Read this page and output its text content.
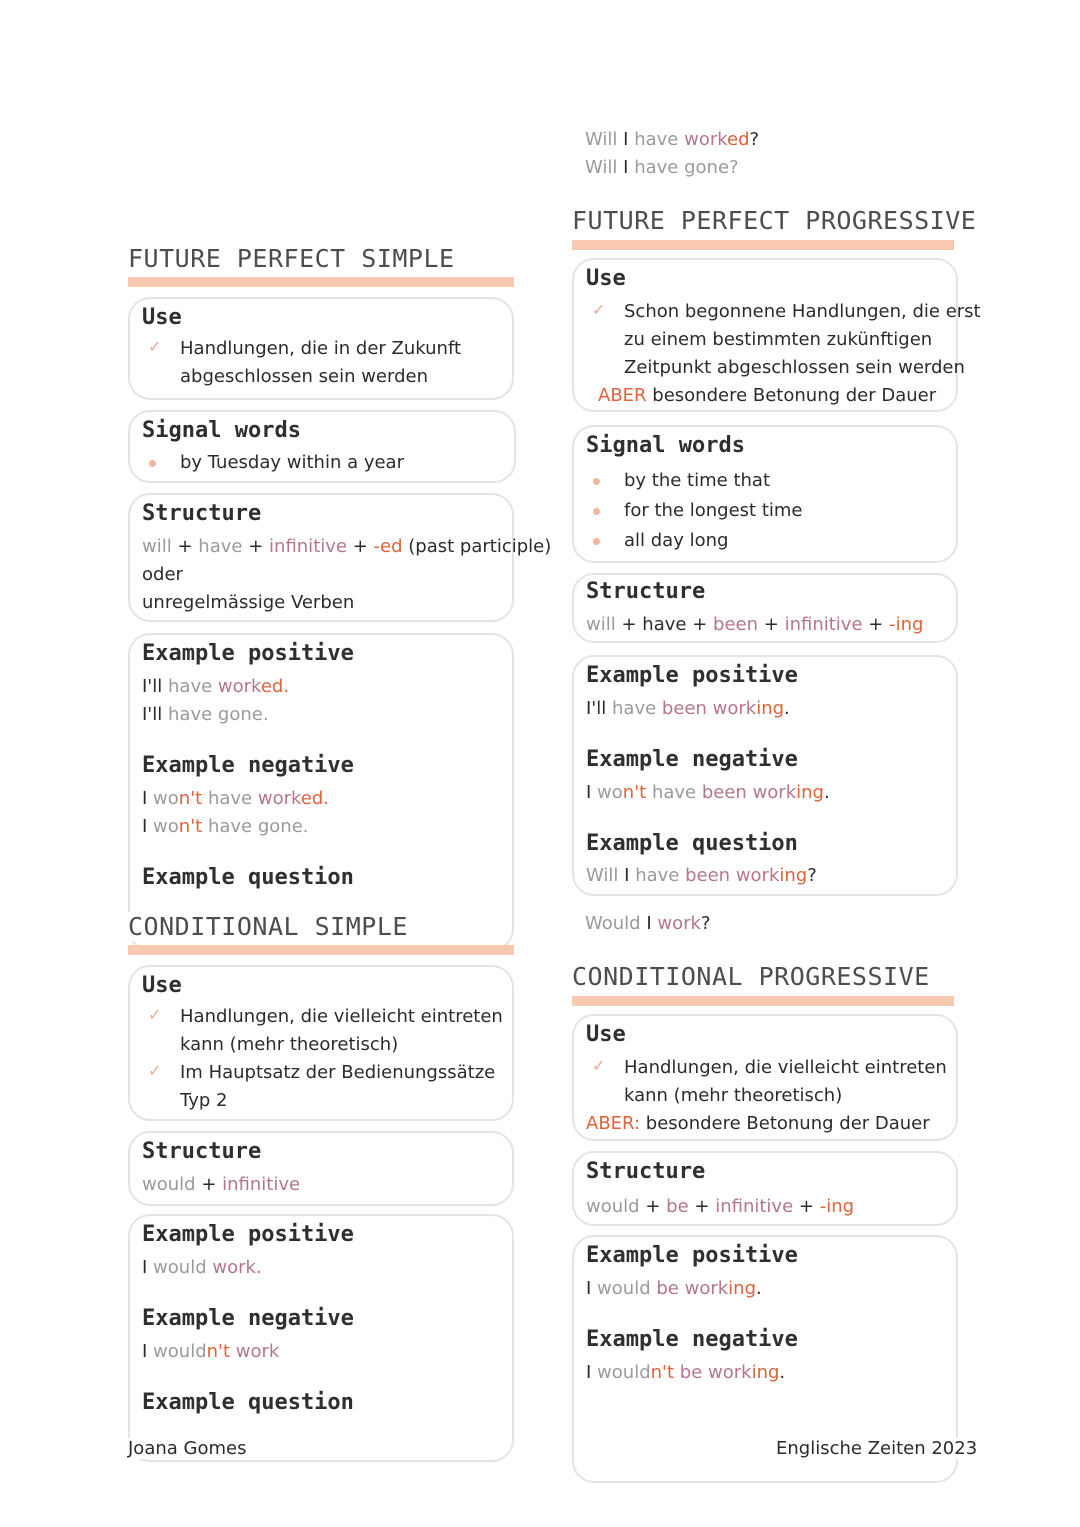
FUTURE PERFECT SIMPLE
Use
✓ Handlungen, die in der Zukunft
abgeschlossen sein werden
Signal words
by Tuesday within a year
Structure
will + have + infinitive + -ed (past participle)
oder
unregelmässige Verben
Example positive
I'll have worked.
I'll have gone.
Example negative
I won't have worked.
I won't have gone.
Example question
CONDITIONAL SIMPLE
Use
✓ Handlungen, die vielleicht eintreten
kann (mehr theoretisch)
✓ Im Hauptsatz der Bedienungssätze
Typ 2
Structure
would + infinitive
Example positive
I would work.
Example negative
I wouldn't work
Example question
Joana Gomes
Will I have worked?
Will I have gone?
FUTURE PERFECT PROGRESSIVE
Use
✓ Schon begonnene Handlungen, die erst
zu einem bestimmten zukünftigen
Zeitpunkt abgeschlossen sein werden
ABER besondere Betonung der Dauer
Signal words
by the time that
for the longest time
all day long
Structure
will + have + been + infinitive + -ing
Example positive
I'll have been working.
Example negative
I won't have been working.
Example question
Will I have been working?
Would I work?
CONDITIONAL PROGRESSIVE
Use
✓ Handlungen, die vielleicht eintreten
kann (mehr theoretisch)
ABER: besondere Betonung der Dauer
Structure
would + be + infinitive + -ing
Example positive
I would be working.
Example negative
I wouldn't be working.
Englische Zeiten 2023
